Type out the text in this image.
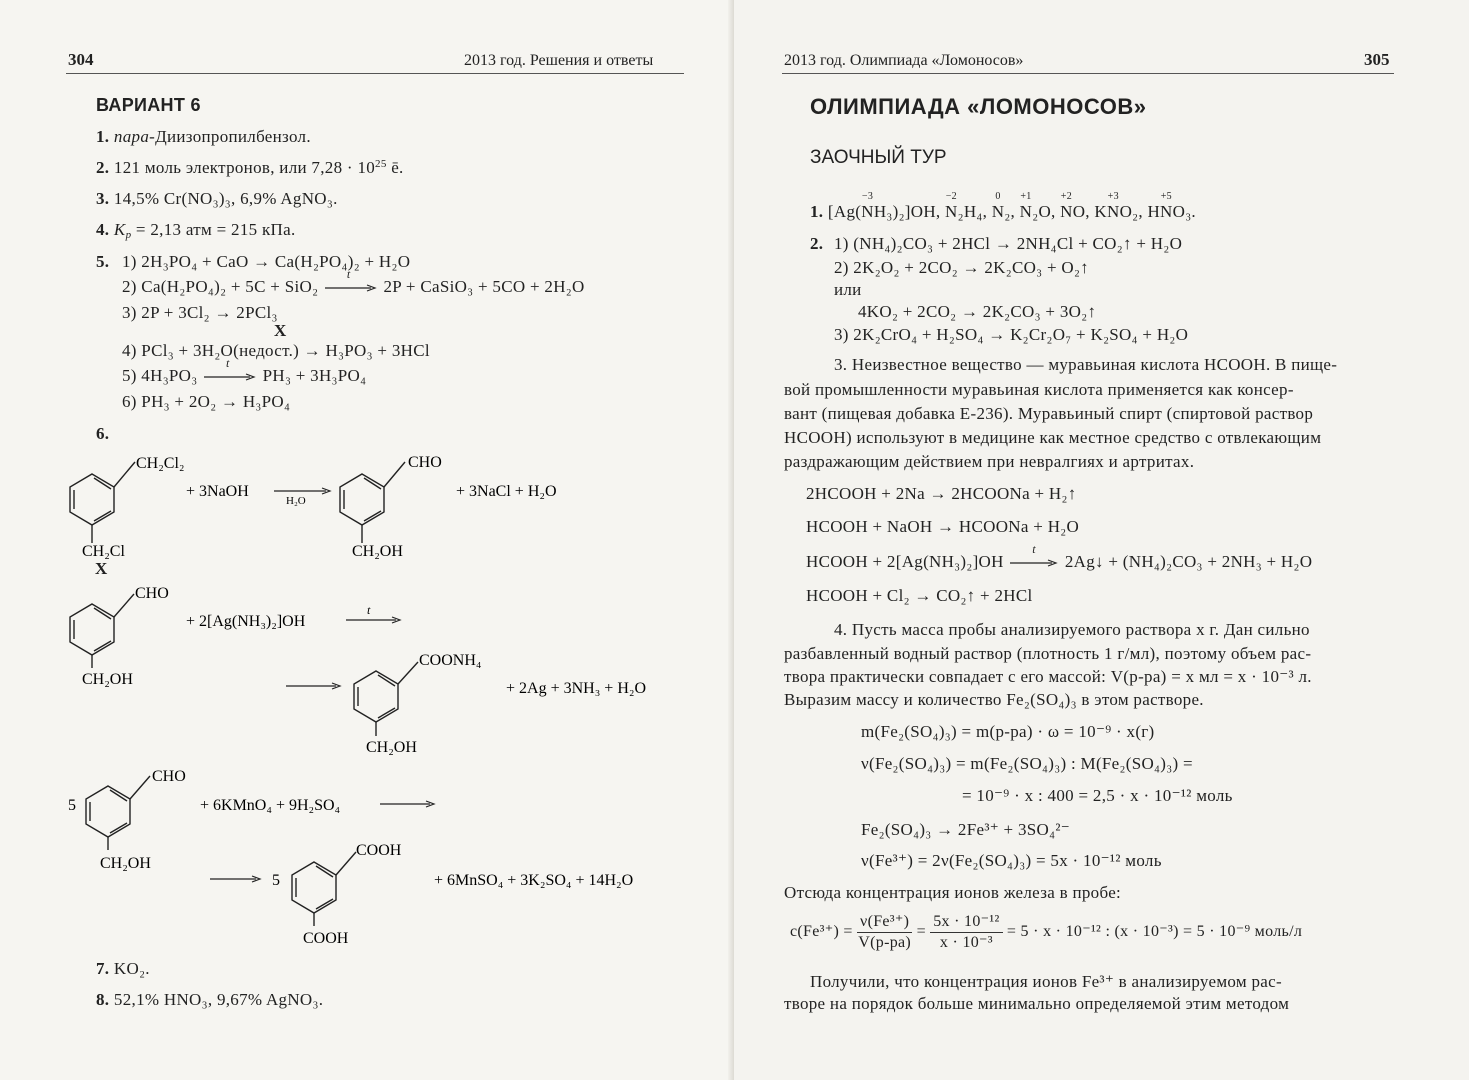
304	2013 год. Решения и ответы
ВАРИАНТ 6
1. пара-Диизопропилбензол.
2. 121 моль электронов, или $7,28 \cdot 10^{25}$ ē.
3. 14,5% Cr(NO₃)₃, 6,9% AgNO₃.
4. $K_p = 2,13$ атм = 215 кПа.
5. 1) 2H₃PO₄ + CaO → Ca(H₂PO₄)₂ + H₂O
2) Ca(H₂PO₄)₂ + 5C + SiO₂
t
2P + CaSiO₃ + 5CO + 2H₂O
3) 2P + 3Cl₂ → 2PCl₃
X
4) PCl₃ + 3H₂O(недост.) → H₃PO₃ + 3HCl
5) 4H₃PO₃
t
PH₃ + 3H₃PO₄
6) PH₃ + 2O₂ → H₃PO₄
6.
CH₂Cl₂
CH₂Cl
+ 3NaOH
H₂O
CHO
CH₂OH
+ 3NaCl + H₂O
X
CHO
CH₂OH
+ 2[Ag(NH₃)₂]OH
t
COONH₄
CH₂OH
+ 2Ag + 3NH₃ + H₂O
5
CHO
CH₂OH
+ 6KMnO₄ + 9H₂SO₄
5
COOH
COOH
+ 6MnSO₄ + 3K₂SO₄ + 14H₂O
7. KO₂.
8. 52,1% HNO₃, 9,67% AgNO₃.
2013 год. Олимпиада «Ломоносов»	305
ОЛИМПИАДА «ЛОМОНОСОВ»
ЗАОЧНЫЙ ТУР
1. [Ag(
−3
NH₃)₂]OH,
−2
N₂H₄,
0
N₂,
+1
N₂O,
+2
NO, K
+3
NO₂, H
+5
NO₃.
2. 1) (NH₄)₂CO₃ + 2HCl → 2NH₄Cl + CO₂↑ + H₂O
2) 2K₂O₂ + 2CO₂ → 2K₂CO₃ + O₂↑
или
4KO₂ + 2CO₂ → 2K₂CO₃ + 3O₂↑
3) 2K₂CrO₄ + H₂SO₄ → K₂Cr₂O₇ + K₂SO₄ + H₂O
3. Неизвестное вещество — муравьиная кислота HCOOH. В пище-
вой промышленности муравьиная кислота применяется как консер-
вант (пищевая добавка Е-236). Муравьиный спирт (спиртовой раствор
HCOOH) используют в медицине как местное средство с отвлекающим
раздражающим действием при невралгиях и артритах.
2HCOOH + 2Na → 2HCOONa + H₂↑
HCOOH + NaOH → HCOONa + H₂O
HCOOH + 2[Ag(NH₃)₂]OH
t
2Ag↓ + (NH₄)₂CO₃ + 2NH₃ + H₂O
HCOOH + Cl₂ → CO₂↑ + 2HCl
4. Пусть масса пробы анализируемого раствора x г. Дан сильно
разбавленный водный раствор (плотность 1 г/мл), поэтому объем рас-
твора практически совпадает с его массой: V(р-ра) = x мл = x · 10⁻³ л.
Выразим массу и количество Fe₂(SO₄)₃ в этом растворе.
m(Fe₂(SO₄)₃) = m(р-ра) · ω = 10⁻⁹ · x(г)
ν(Fe₂(SO₄)₃) = m(Fe₂(SO₄)₃) : M(Fe₂(SO₄)₃) =
= 10⁻⁹ · x : 400 = 2,5 · x · 10⁻¹² моль
Fe₂(SO₄)₃ → 2Fe³⁺ + 3SO₄²⁻
ν(Fe³⁺) = 2ν(Fe₂(SO₄)₃) = 5x · 10⁻¹² моль
Отсюда концентрация ионов железа в пробе:
$c(Fe^{3+}) = \frac{\text{ν(Fe³⁺)}}{V(р-ра)} = \frac{\text{5x · 10⁻¹²}}{\text{x · 10⁻³}} = 5 \cdot x \cdot 10^{-12}$ : (x · 10⁻³) = 5 · 10⁻⁹ моль/л
Получили, что концентрация ионов Fe³⁺ в анализируемом рас-
творе на порядок больше минимально определяемой этим методом
